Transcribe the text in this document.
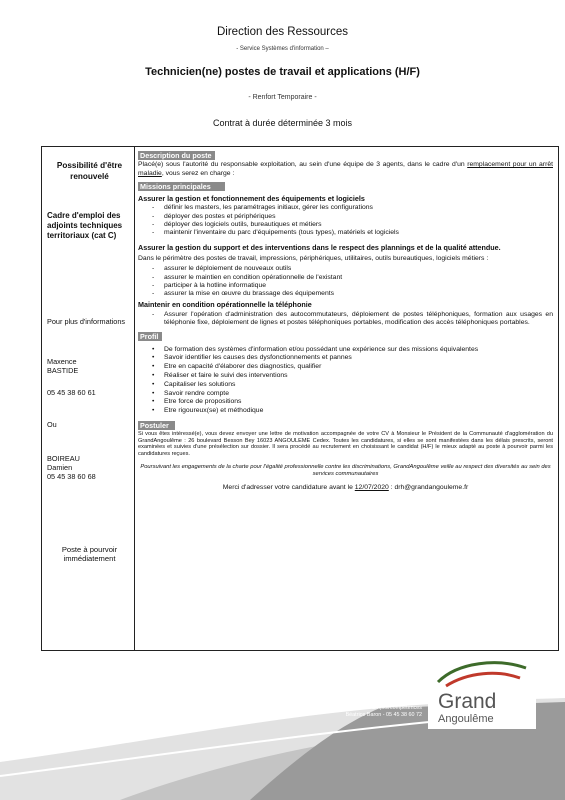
Direction des Ressources
- Service Systèmes d'information –
Technicien(ne) postes de travail et applications (H/F)
- Renfort Temporaire -
Contrat à durée déterminée 3 mois
Possibilité d'être renouvelé
Cadre d'emploi des adjoints techniques territoriaux (cat C)
Pour plus d'informations
Maxence
BASTIDE
05 45 38 60 61
Ou
BOIREAU
Damien
05 45 38 60 68
Poste à pourvoir immédiatement
Description du poste

Placé(e) sous l'autorité du responsable exploitation, au sein d'une équipe de 3 agents, dans le cadre d'un remplacement pour un arrêt maladie, vous serez en charge :

Missions principales
Assurer la gestion et fonctionnement des équipements et logiciels
- définir les masters, les paramétrages initiaux, gérer les configurations
- déployer des postes et périphériques
- déployer des logiciels outils, bureautiques et métiers
- maintenir l'inventaire du parc d'équipements (tous types), matériels et logiciels
Assurer la gestion du support et des interventions dans le respect des plannings et de la qualité attendue.

Dans le périmètre des postes de travail, impressions, périphériques, utilitaires, outils bureautiques, logiciels métiers :

- assurer le déploiement de nouveaux outils
- assurer le maintien en condition opérationnelle de l'existant
- participer à la hotline informatique
- assurer la mise en œuvre du brassage des équipements
Maintenir en condition opérationnelle la téléphonie
- Assurer l'opération d'administration des autocommutateurs, déploiement de postes téléphoniques, formation aux usages en téléphonie fixe, déploiement de lignes et postes téléphoniques portables, modification des accès téléphoniques portables.
Profil
• De formation des systèmes d'information et/ou possédant une expérience sur des missions équivalentes
• Savoir identifier les causes des dysfonctionnements et pannes
• Etre en capacité d'élaborer des diagnostics, qualifier
• Réaliser et faire le suivi des interventions
• Capitaliser les solutions
• Savoir rendre compte
• Etre force de propositions
• Etre rigoureux(se) et méthodique
Postuler

Si vous êtes intéressé(e), vous devez envoyer une lettre de motivation accompagnée de votre CV à Monsieur le Président de la Communauté d'agglomération du GrandAngoulême : 26 boulevard Besson Bey 16023 ANGOULEME Cedex. Toutes les candidatures, si elles se sont manifestées dans les délais prescrits, seront examinées et suivies d'une présélection sur dossier. Il sera procédé au recrutement en choisissant le candidat (H/F) le mieux adapté au poste à pourvoir parmi les candidatures reçues.

Poursuivant les engagements de la charte pour l'égalité professionnelle contre les discriminations, GrandAngoulême veille au respect des diversités au sein des services communautaires

Merci d'adresser votre candidature avant le 12/07/2020 : drh@grandangouleme.fr

Direction des Ressources Humaines
Service Emploi/compétences
Béatrice Baron - 05 45 38 60 72
Grand
Angoulême
